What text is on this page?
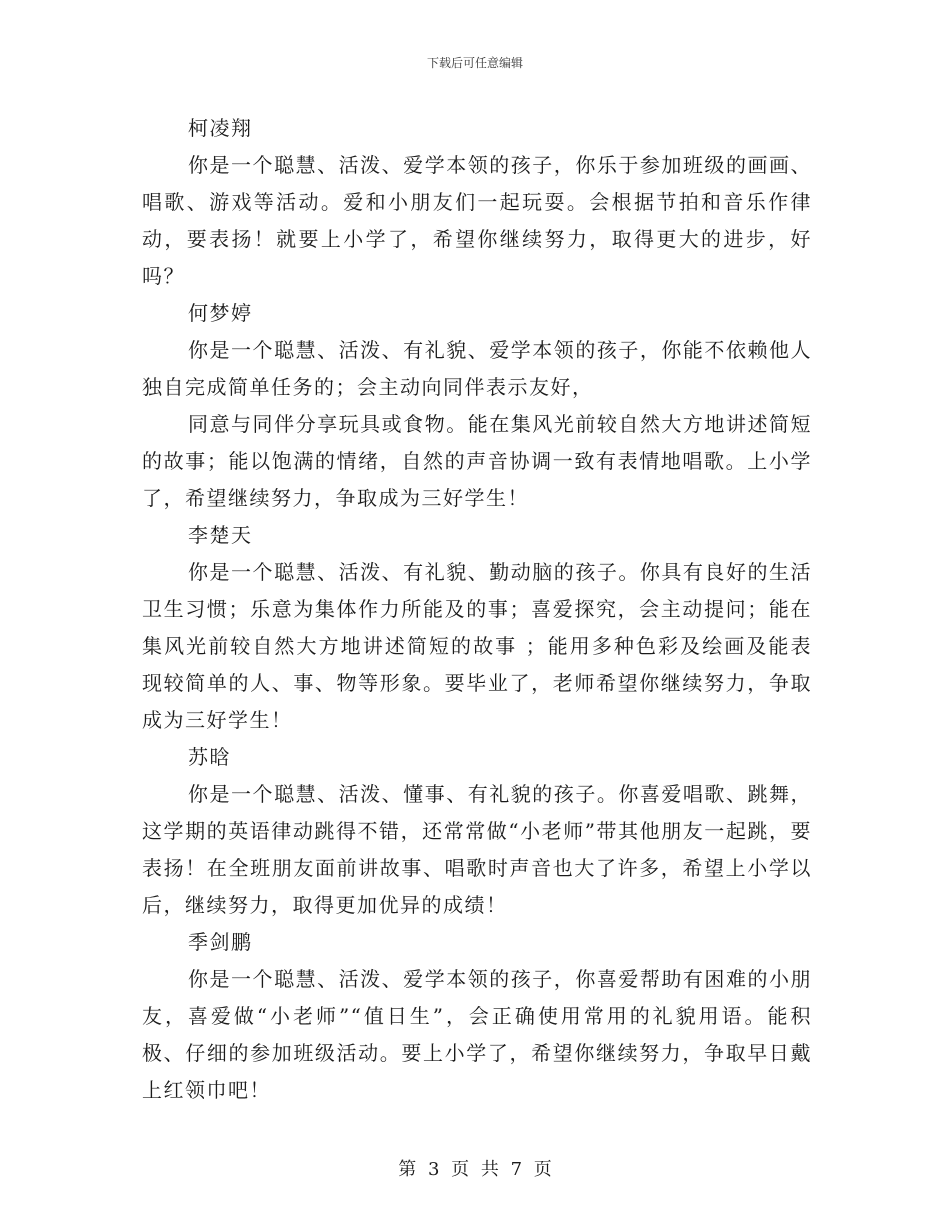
下载后可任意编辑

柯凌翔

你是一个聪慧、活泼、爱学本领的孩子，你乐于参加班级的画画、唱歌、游戏等活动。爱和小朋友们一起玩耍。会根据节拍和音乐作律动，要表扬！就要上小学了，希望你继续努力，取得更大的进步，好吗？

何梦婷

你是一个聪慧、活泼、有礼貌、爱学本领的孩子，你能不依赖他人独自完成简单任务的；会主动向同伴表示友好，

同意与同伴分享玩具或食物。能在集风光前较自然大方地讲述简短的故事；能以饱满的情绪，自然的声音协调一致有表情地唱歌。上小学了，希望继续努力，争取成为三好学生！

李楚天

你是一个聪慧、活泼、有礼貌、勤动脑的孩子。你具有良好的生活卫生习惯；乐意为集体作力所能及的事；喜爱探究，会主动提问；能在集风光前较自然大方地讲述简短的故事 ；能用多种色彩及绘画及能表现较简单的人、事、物等形象。要毕业了，老师希望你继续努力，争取成为三好学生！

苏晗

你是一个聪慧、活泼、懂事、有礼貌的孩子。你喜爱唱歌、跳舞，这学期的英语律动跳得不错，还常常做“小老师”带其他朋友一起跳，要表扬！在全班朋友面前讲故事、唱歌时声音也大了许多，希望上小学以后，继续努力，取得更加优异的成绩！

季剑鹏

你是一个聪慧、活泼、爱学本领的孩子，你喜爱帮助有困难的小朋友，喜爱做“小老师”“值日生”，会正确使用常用的礼貌用语。能积极、仔细的参加班级活动。要上小学了，希望你继续努力，争取早日戴上红领巾吧！

第 3 页 共 7 页
